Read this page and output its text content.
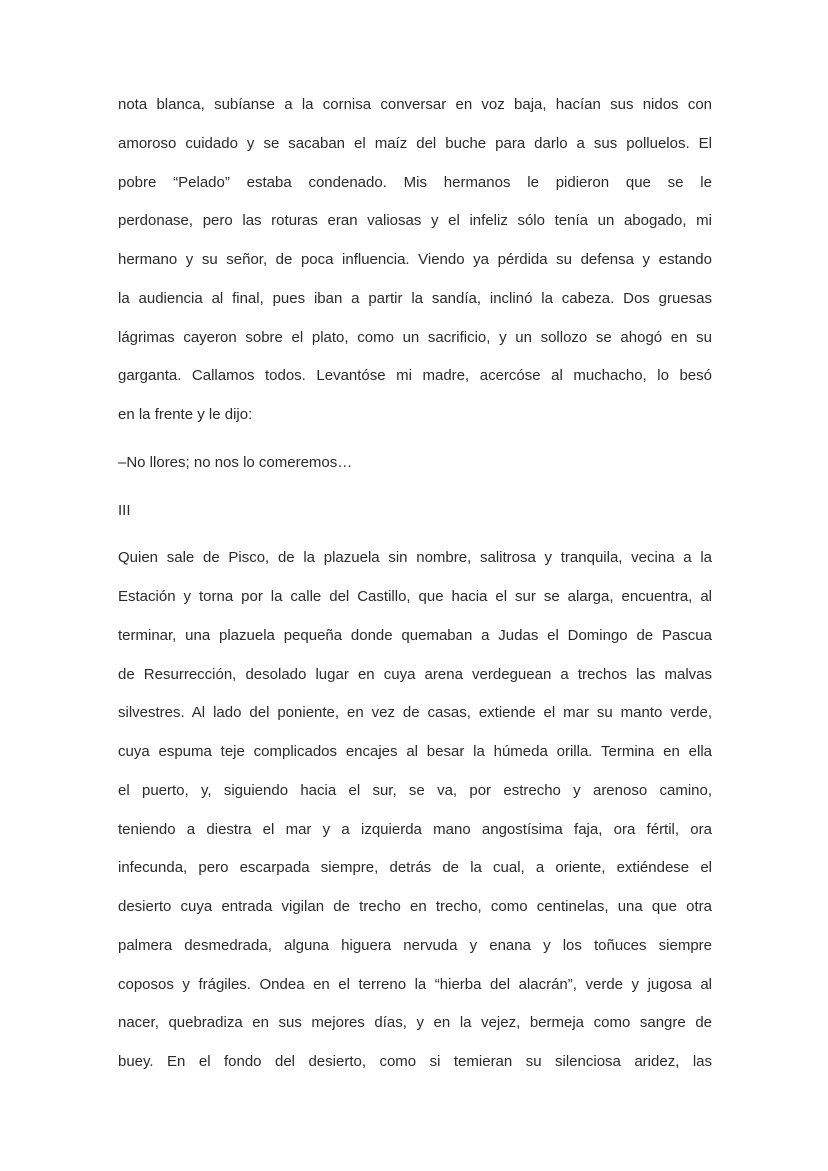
nota blanca, subíanse a la cornisa conversar en voz baja, hacían sus nidos con
amoroso cuidado y se sacaban el maíz del buche para darlo a sus polluelos. El
pobre “Pelado” estaba condenado. Mis hermanos le pidieron que se le
perdonase, pero las roturas eran valiosas y el infeliz sólo tenía un abogado, mi
hermano y su señor, de poca influencia. Viendo ya pérdida su defensa y estando
la audiencia al final, pues iban a partir la sandía, inclinó la cabeza. Dos gruesas
lágrimas cayeron sobre el plato, como un sacrificio, y un sollozo se ahogó en su
garganta. Callamos todos. Levantóse mi madre, acercóse al muchacho, lo besó
en la frente y le dijo:
–No llores; no nos lo comeremos…
III
Quien sale de Pisco, de la plazuela sin nombre, salitrosa y tranquila, vecina a la
Estación y torna por la calle del Castillo, que hacia el sur se alarga, encuentra, al
terminar, una plazuela pequeña donde quemaban a Judas el Domingo de Pascua
de Resurrección, desolado lugar en cuya arena verdeguean a trechos las malvas
silvestres. Al lado del poniente, en vez de casas, extiende el mar su manto verde,
cuya espuma teje complicados encajes al besar la húmeda orilla. Termina en ella
el puerto, y, siguiendo hacia el sur, se va, por estrecho y arenoso camino,
teniendo a diestra el mar y a izquierda mano angostísima faja, ora fértil, ora
infecunda, pero escarpada siempre, detrás de la cual, a oriente, extiéndese el
desierto cuya entrada vigilan de trecho en trecho, como centinelas, una que otra
palmera desmedrada, alguna higuera nervuda y enana y los toñuces siempre
coposos y frágiles. Ondea en el terreno la “hierba del alacrán”, verde y jugosa al
nacer, quebradiza en sus mejores días, y en la vejez, bermeja como sangre de
buey. En el fondo del desierto, como si temieran su silenciosa aridez, las
